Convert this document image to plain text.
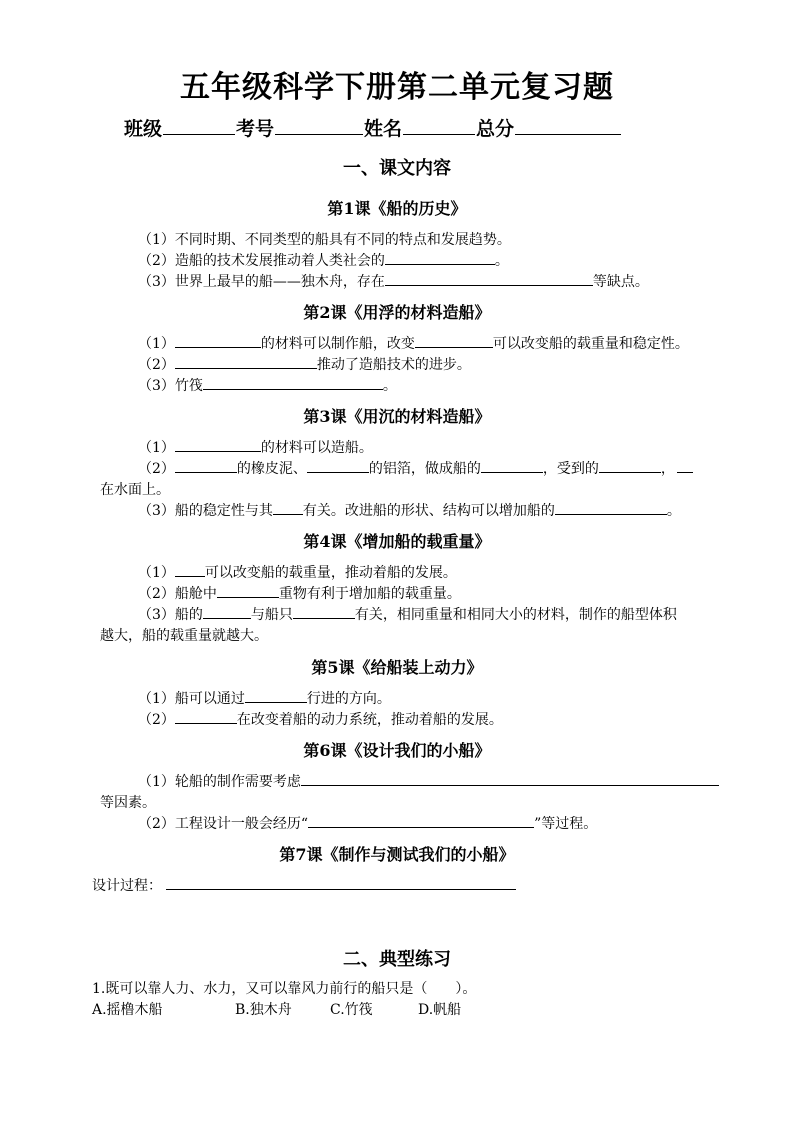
五年级科学下册第二单元复习题
班级	考号	姓名	总分
一、课文内容
第1课《船的历史》
（1）不同时期、不同类型的船具有不同的特点和发展趋势。
（2）造船的技术发展推动着人类社会的	。
（3）世界上最早的船——独木舟，存在	等缺点。
第2课《用浮的材料造船》
（1）	的材料可以制作船，改变	可以改变船的载重量和稳定性。
（2）	推动了造船技术的进步。
（3）竹筏	。
第3课《用沉的材料造船》
（1）	的材料可以造船。
（2）	的橡皮泥、	的铝箔，做成船的	，受到的	，
在水面上。
（3）船的稳定性与其 有关。改进船的形状、结构可以增加船的	。
第4课《增加船的载重量》
（1） 可以改变船的载重量，推动着船的发展。
（2）船舱中	重物有利于增加船的载重量。
（3）船的	与船只	有关，相同重量和相同大小的材料，制作的船型体积
越大，船的载重量就越大。
第5课《给船装上动力》
（1）船可以通过	行进的方向。
（2）	在改变着船的动力系统，推动着船的发展。
第6课《设计我们的小船》
（1）轮船的制作需要考虑
等因素。
（2）工程设计一般会经历“	”等过程。
第7课《制作与测试我们的小船》
设计过程：
二、典型练习
1.既可以靠人力、水力，又可以靠风力前行的船只是（　　）。
A.摇橹木船	B.独木舟	C.竹筏	D.帆船
